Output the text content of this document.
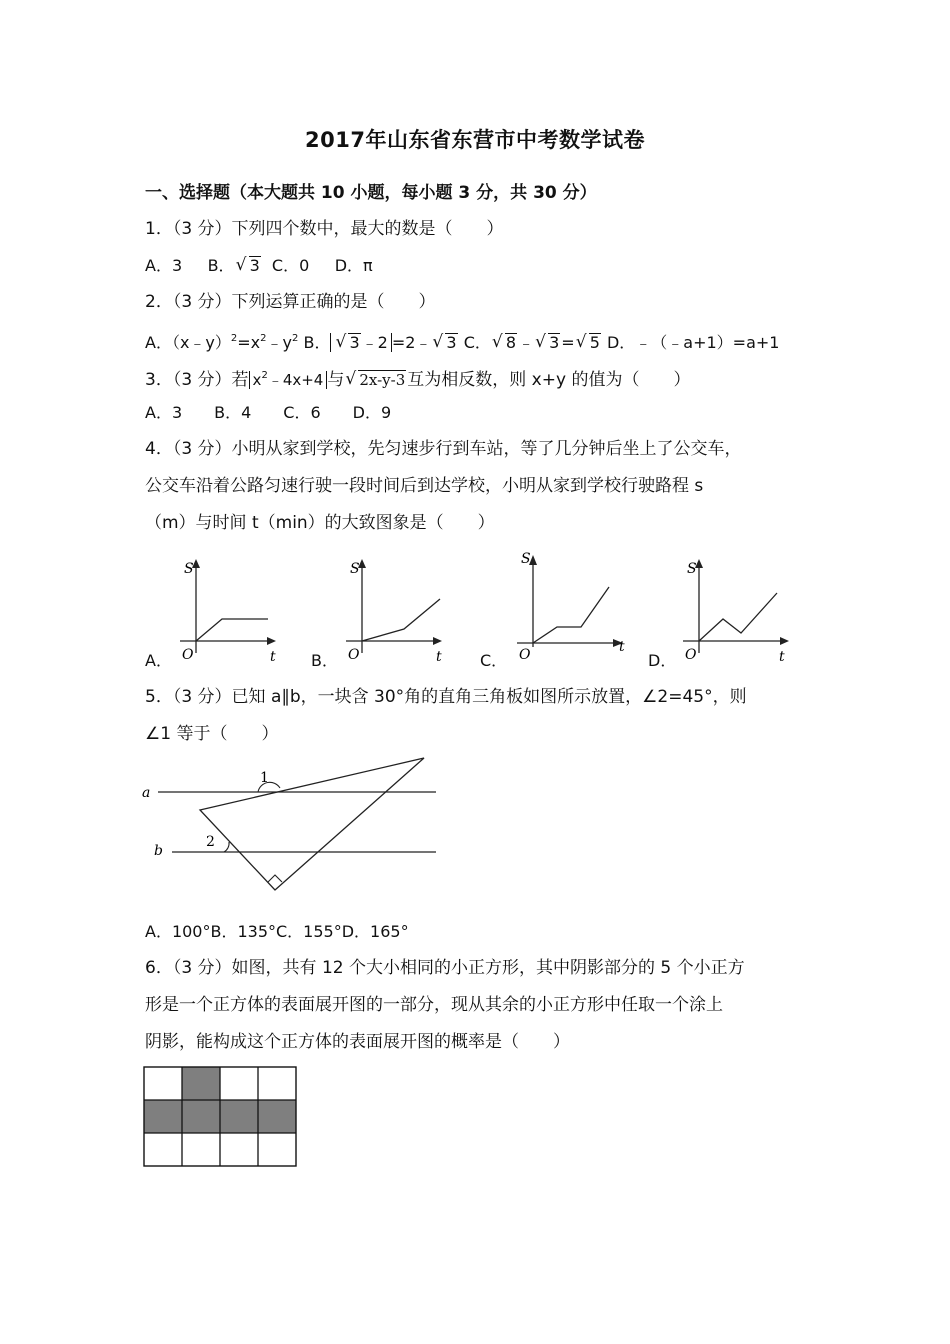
2017年山东省东营市中考数学试卷
一、选择题（本大题共 10 小题，每小题 3 分，共 30 分）
1．（3 分）下列四个数中，最大的数是（　　）
A．3 B． √ 3 C．0 D．π
2．（3 分）下列运算正确的是（　　）
A．$(x﹣y)^2=x^2﹣y^2$ B． √ 3 ﹣2 =2﹣ √ 3 C． √ 8 ﹣ √ 3 = √ 5 D．﹣（﹣a+1）=a+1
3．（3 分）若 $x^2﹣4x+4$ 与 √ 2x-y-3 互为相反数，则 x+y 的值为（　　）
A．3　　B．4　　C．6　　D．9
4．（3 分）小明从家到学校，先匀速步行到车站，等了几分钟后坐上了公交车，
公交车沿着公路匀速行驶一段时间后到达学校，小明从家到学校行驶路程 s
（m）与时间 t（min）的大致图象是（　　）
A．
S
O	t B．
S
O	t C．
S
O	t
D．
S
O	t
5．（3 分）已知 a∥b，一块含 30°角的直角三角板如图所示放置，∠2=45°，则
∠1 等于（　　）
a
b
1
2
A．100°B．135°C．155°D．165°
6．（3 分）如图，共有 12 个大小相同的小正方形，其中阴影部分的 5 个小正方
形是一个正方体的表面展开图的一部分，现从其余的小正方形中任取一个涂上
阴影，能构成这个正方体的表面展开图的概率是（　　）
